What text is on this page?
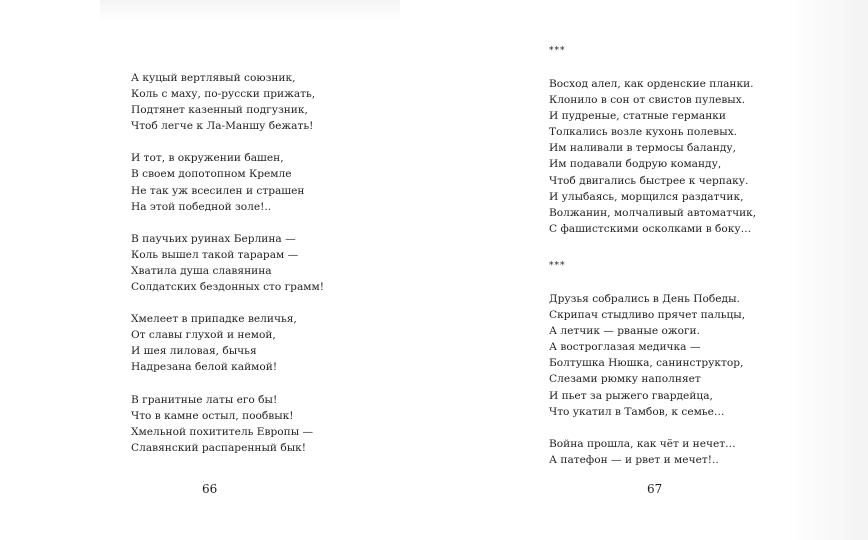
А куцый вертлявый союзник,
Коль с маху, по-русски прижать,
Подтянет казенный подгузник,
Чтоб легче к Ла-Маншу бежать!
И тот, в окружении башен,
В своем допотопном Кремле
Не так уж всесилен и страшен
На этой победной золе!..
В паучьих руинах Берлина —
Коль вышел такой тарарам —
Хватила душа славянина
Солдатских бездонных сто грамм!
Хмелеет в припадке величья,
От славы глухой и немой,
И шея лиловая, бычья
Надрезана белой каймой!
В гранитные латы его бы!
Что в камне остыл, пообвык!
Хмельной похититель Европы —
Славянский распаренный бык!
66
***
Восход алел, как орденские планки.
Клонило в сон от свистов пулевых.
И пудреные, статные германки
Толкались возле кухонь полевых.
Им наливали в термосы баланду,
Им подавали бодрую команду,
Чтоб двигались быстрее к черпаку.
И улыбаясь, морщился раздатчик,
Волжанин, молчаливый автоматчик,
С фашистскими осколками в боку…
***
Друзья собрались в День Победы.
Скрипач стыдливо прячет пальцы,
А летчик — рваные ожоги.
А востроглазая медичка —
Болтушка Нюшка, санинструктор,
Слезами рюмку наполняет
И пьет за рыжего гвардейца,
Что укатил в Тамбов, к семье…
Война прошла, как чёт и нечет…
А патефон — и рвет и мечет!..
67
